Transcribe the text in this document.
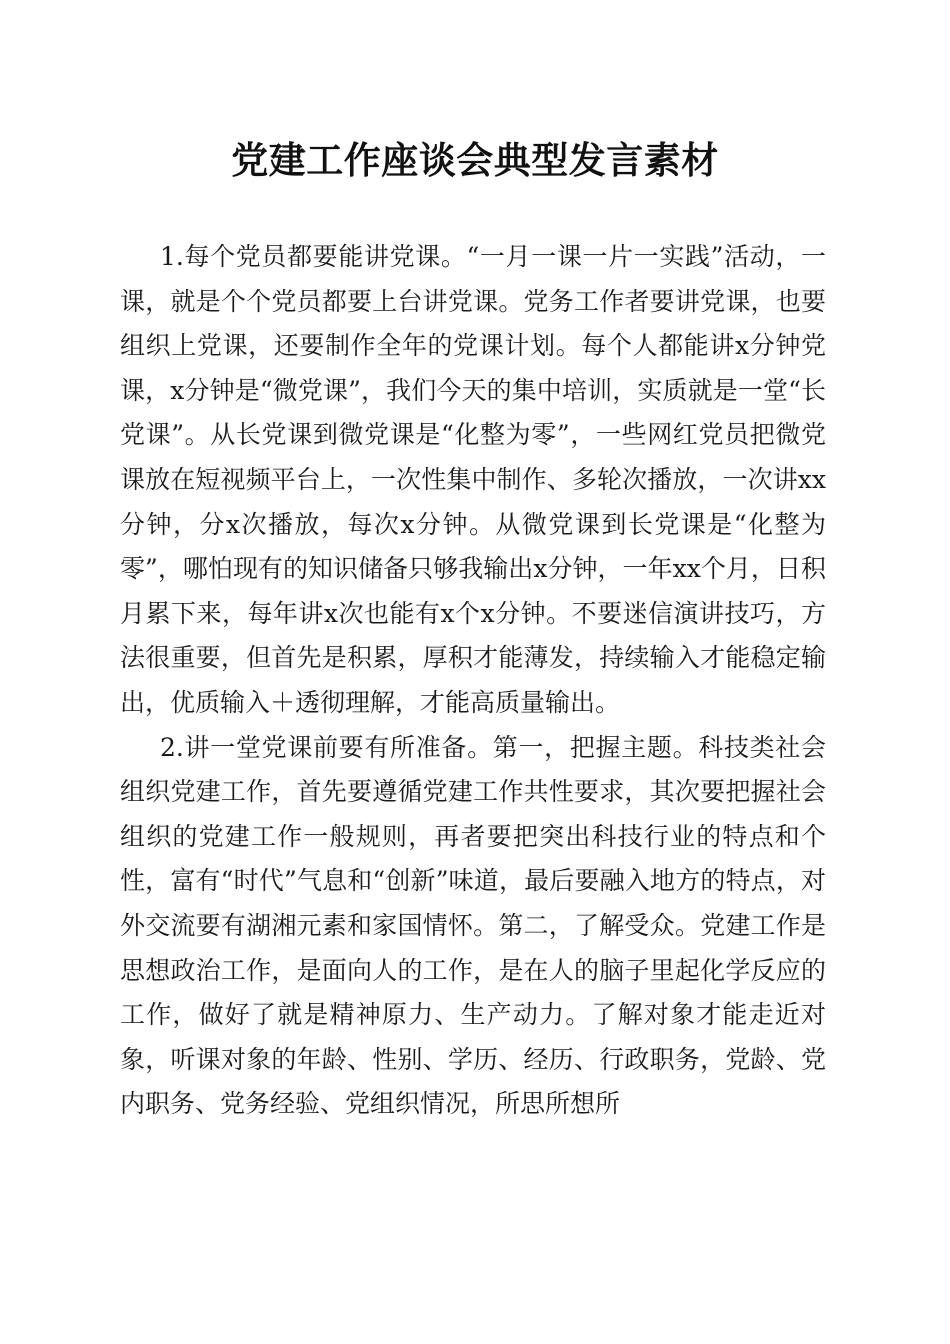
党建工作座谈会典型发言素材

1.每个党员都要能讲党课。“一月一课一片一实践”活动，一课，就是个个党员都要上台讲党课。党务工作者要讲党课，也要组织上党课，还要制作全年的党课计划。每个人都能讲x分钟党课，x分钟是“微党课”，我们今天的集中培训，实质就是一堂“长党课”。从长党课到微党课是“化整为零”，一些网红党员把微党课放在短视频平台上，一次性集中制作、多轮次播放，一次讲xx分钟，分x次播放，每次x分钟。从微党课到长党课是“化整为零”，哪怕现有的知识储备只够我输出x分钟，一年xx个月，日积月累下来，每年讲x次也能有x个x分钟。不要迷信演讲技巧，方法很重要，但首先是积累，厚积才能薄发，持续输入才能稳定输出，优质输入＋透彻理解，才能高质量输出。

2.讲一堂党课前要有所准备。第一，把握主题。科技类社会组织党建工作，首先要遵循党建工作共性要求，其次要把握社会组织的党建工作一般规则，再者要把突出科技行业的特点和个性，富有“时代”气息和“创新”味道，最后要融入地方的特点，对外交流要有湖湘元素和家国情怀。第二，了解受众。党建工作是思想政治工作，是面向人的工作，是在人的脑子里起化学反应的工作，做好了就是精神原力、生产动力。了解对象才能走近对象，听课对象的年龄、性别、学历、经历、行政职务，党龄、党内职务、党务经验、党组织情况，所思所想所
